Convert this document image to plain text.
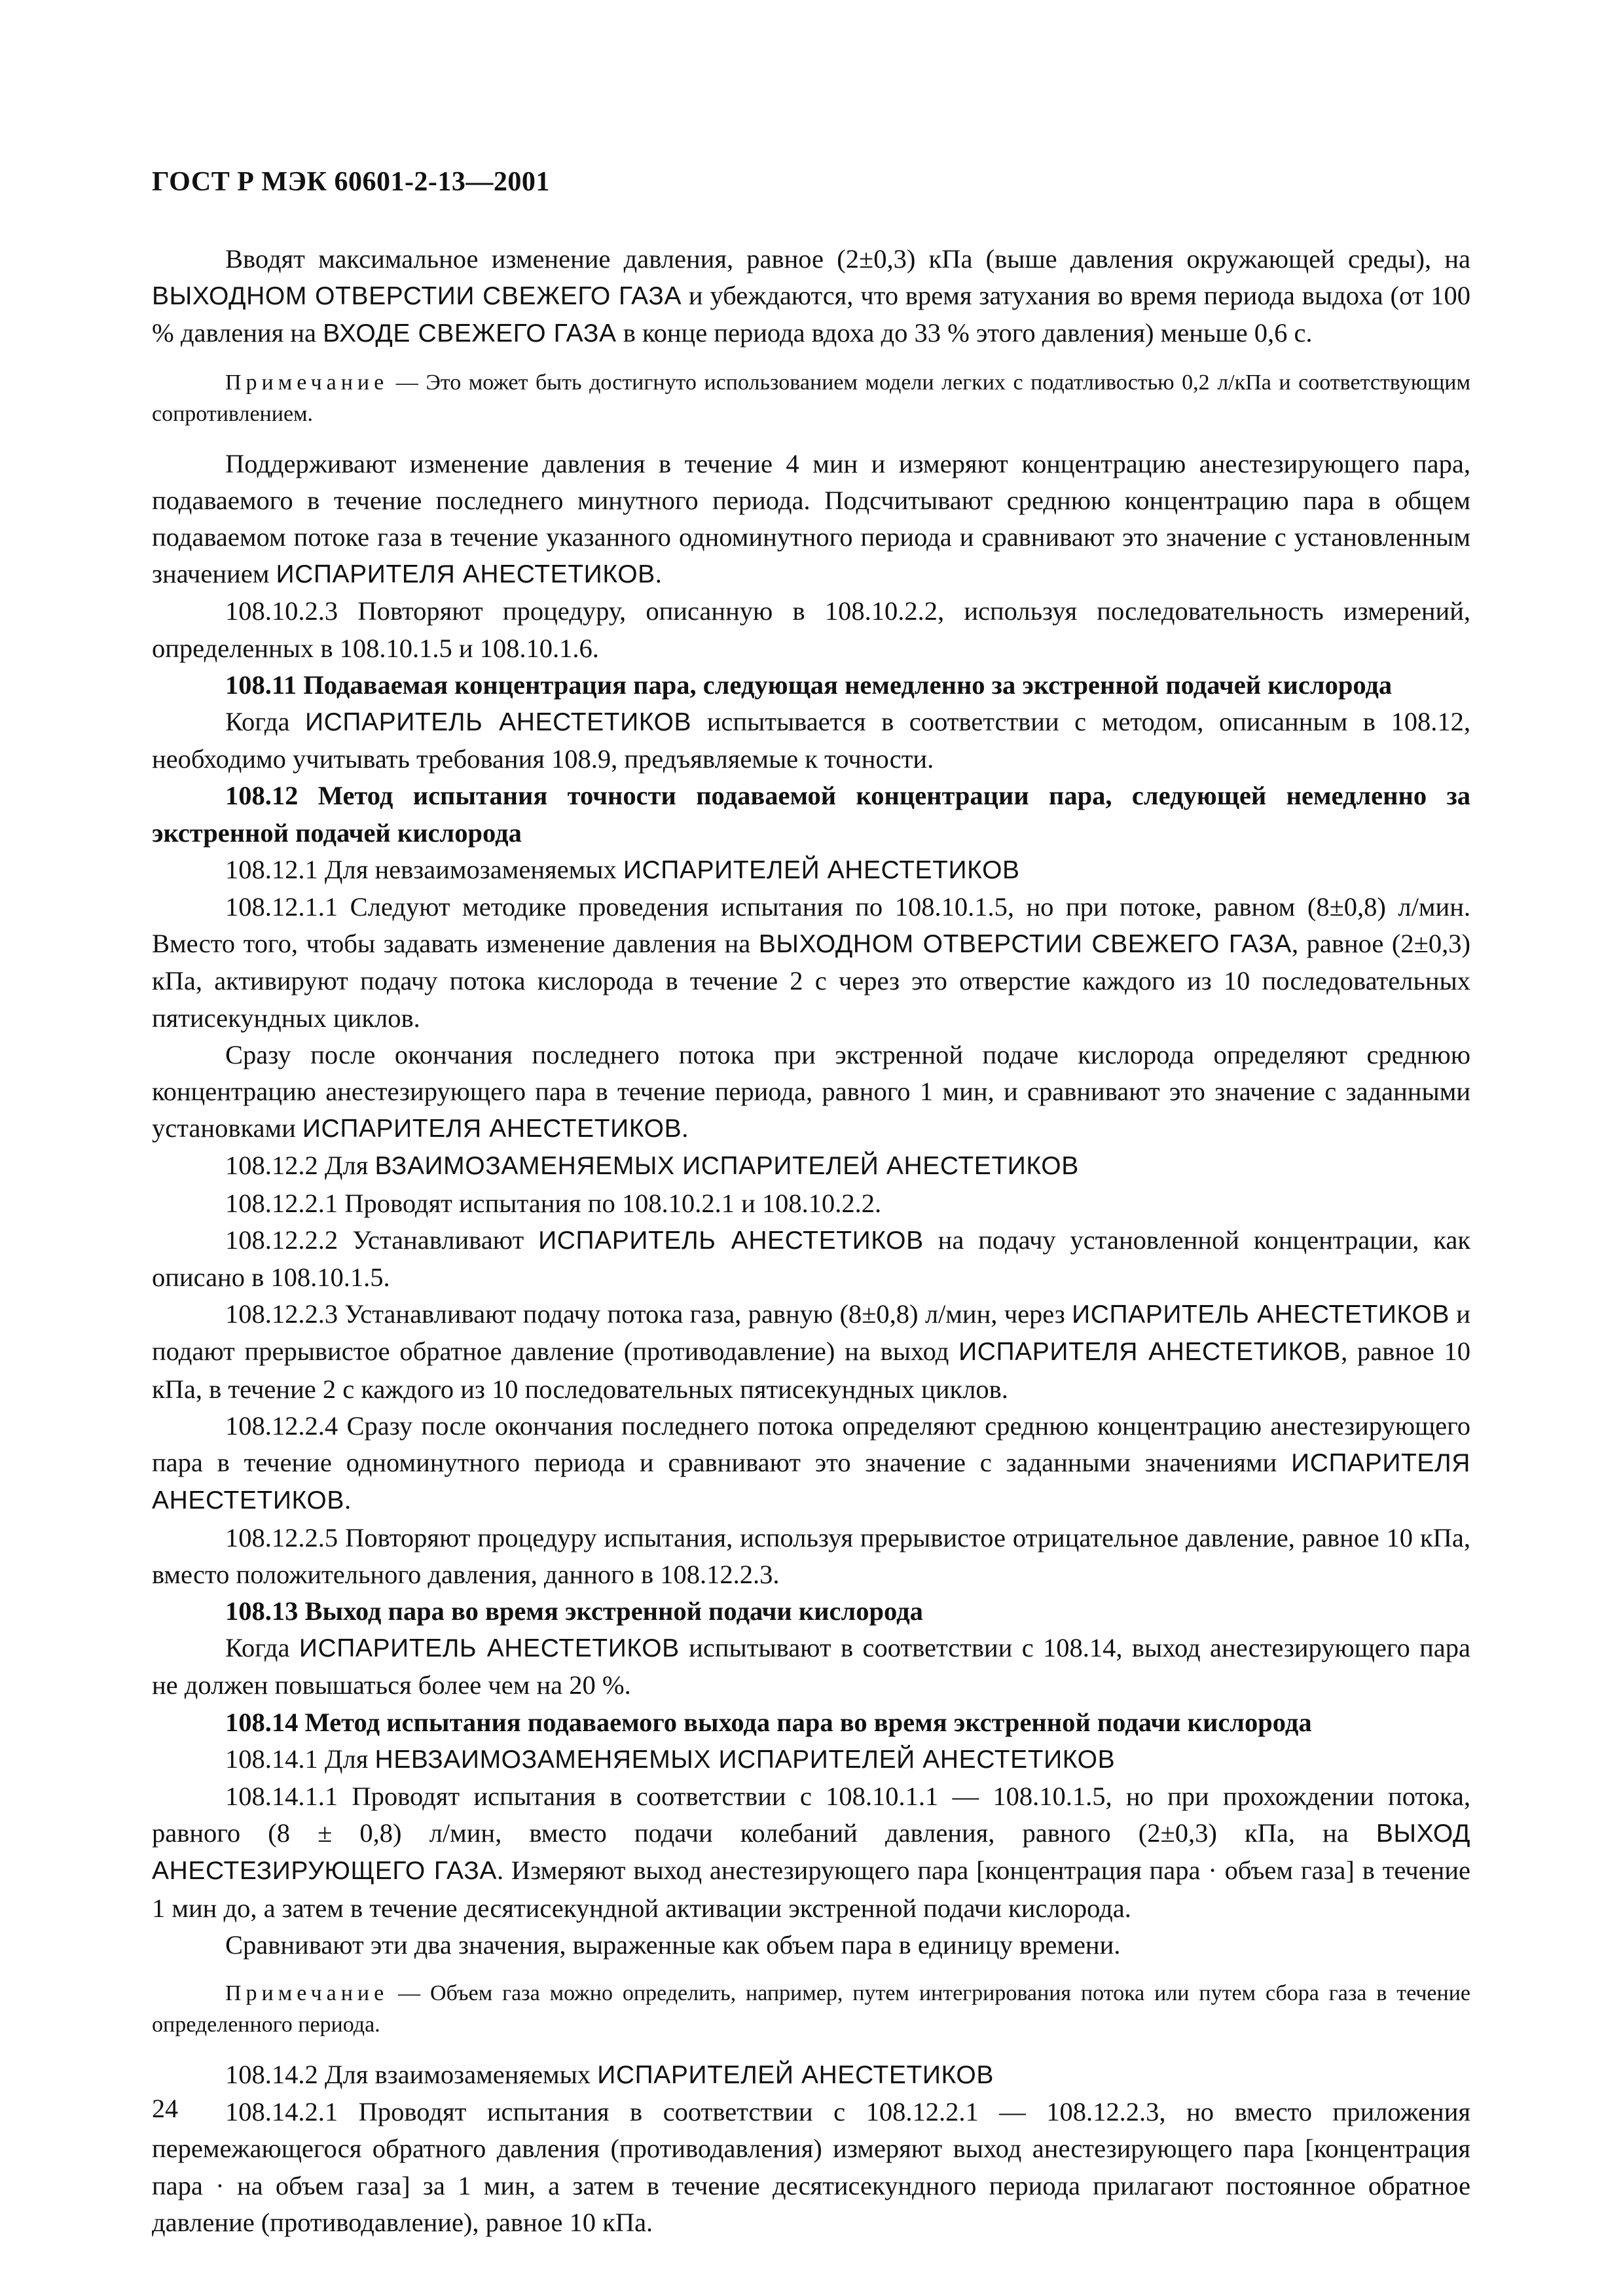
ГОСТ Р МЭК 60601-2-13—2001

Вводят максимальное изменение давления, равное (2±0,3) кПа (выше давления окружающей среды), на ВЫХОДНОМ ОТВЕРСТИИ СВЕЖЕГО ГАЗА и убеждаются, что время затухания во время периода выдоха (от 100 % давления на ВХОДЕ СВЕЖЕГО ГАЗА в конце периода вдоха до 33 % этого давления) меньше 0,6 с.

Примечание — Это может быть достигнуто использованием модели легких с податливостью 0,2 л/кПа и соответствующим сопротивлением.

Поддерживают изменение давления в течение 4 мин и измеряют концентрацию анестезирующего пара, подаваемого в течение последнего минутного периода. Подсчитывают среднюю концентрацию пара в общем подаваемом потоке газа в течение указанного одноминутного периода и сравнивают это значение с установленным значением ИСПАРИТЕЛЯ АНЕСТЕТИКОВ.

108.10.2.3 Повторяют процедуру, описанную в 108.10.2.2, используя последовательность измерений, определенных в 108.10.1.5 и 108.10.1.6.

108.11 Подаваемая концентрация пара, следующая немедленно за экстренной подачей кислорода

Когда ИСПАРИТЕЛЬ АНЕСТЕТИКОВ испытывается в соответствии с методом, описанным в 108.12, необходимо учитывать требования 108.9, предъявляемые к точности.

108.12 Метод испытания точности подаваемой концентрации пара, следующей немедленно за экстренной подачей кислорода

108.12.1 Для невзаимозаменяемых ИСПАРИТЕЛЕЙ АНЕСТЕТИКОВ

108.12.1.1 Следуют методике проведения испытания по 108.10.1.5, но при потоке, равном (8±0,8) л/мин. Вместо того, чтобы задавать изменение давления на ВЫХОДНОМ ОТВЕРСТИИ СВЕЖЕГО ГАЗА, равное (2±0,3) кПа, активируют подачу потока кислорода в течение 2 с через это отверстие каждого из 10 последовательных пятисекундных циклов.

Сразу после окончания последнего потока при экстренной подаче кислорода определяют среднюю концентрацию анестезирующего пара в течение периода, равного 1 мин, и сравнивают это значение с заданными установками ИСПАРИТЕЛЯ АНЕСТЕТИКОВ.

108.12.2 Для ВЗАИМОЗАМЕНЯЕМЫХ ИСПАРИТЕЛЕЙ АНЕСТЕТИКОВ

108.12.2.1 Проводят испытания по 108.10.2.1 и 108.10.2.2.

108.12.2.2 Устанавливают ИСПАРИТЕЛЬ АНЕСТЕТИКОВ на подачу установленной концентрации, как описано в 108.10.1.5.

108.12.2.3 Устанавливают подачу потока газа, равную (8±0,8) л/мин, через ИСПАРИТЕЛЬ АНЕСТЕТИКОВ и подают прерывистое обратное давление (противодавление) на выход ИСПАРИТЕЛЯ АНЕСТЕТИКОВ, равное 10 кПа, в течение 2 с каждого из 10 последовательных пятисекундных циклов.

108.12.2.4 Сразу после окончания последнего потока определяют среднюю концентрацию анестезирующего пара в течение одноминутного периода и сравнивают это значение с заданными значениями ИСПАРИТЕЛЯ АНЕСТЕТИКОВ.

108.12.2.5 Повторяют процедуру испытания, используя прерывистое отрицательное давление, равное 10 кПа, вместо положительного давления, данного в 108.12.2.3.

108.13 Выход пара во время экстренной подачи кислорода

Когда ИСПАРИТЕЛЬ АНЕСТЕТИКОВ испытывают в соответствии с 108.14, выход анестезирующего пара не должен повышаться более чем на 20 %.

108.14 Метод испытания подаваемого выхода пара во время экстренной подачи кислорода

108.14.1 Для НЕВЗАИМОЗАМЕНЯЕМЫХ ИСПАРИТЕЛЕЙ АНЕСТЕТИКОВ

108.14.1.1 Проводят испытания в соответствии с 108.10.1.1 — 108.10.1.5, но при прохождении потока, равного (8 ± 0,8) л/мин, вместо подачи колебаний давления, равного (2±0,3) кПа, на ВЫХОД АНЕСТЕЗИРУЮЩЕГО ГАЗА. Измеряют выход анестезирующего пара [концентрация пара · объем газа] в течение 1 мин до, а затем в течение десятисекундной активации экстренной подачи кислорода.

Сравнивают эти два значения, выраженные как объем пара в единицу времени.

Примечание — Объем газа можно определить, например, путем интегрирования потока или путем сбора газа в течение определенного периода.

108.14.2 Для взаимозаменяемых ИСПАРИТЕЛЕЙ АНЕСТЕТИКОВ

108.14.2.1 Проводят испытания в соответствии с 108.12.2.1 — 108.12.2.3, но вместо приложения перемежающегося обратного давления (противодавления) измеряют выход анестезирующего пара [концентрация пара · на объем газа] за 1 мин, а затем в течение десятисекундного периода прилагают постоянное обратное давление (противодавление), равное 10 кПа.

24
